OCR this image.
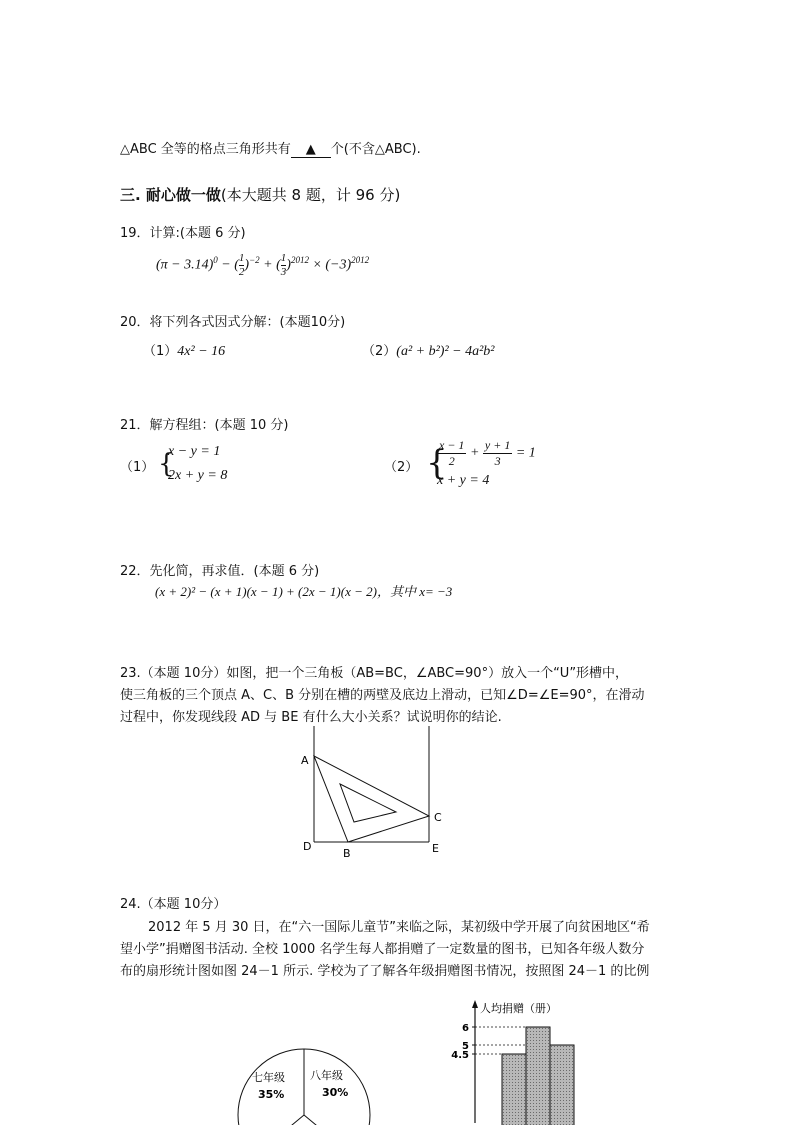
△ABC 全等的格点三角形共有 ▲ 个(不含△ABC).
三. 耐心做一做(本大题共 8 题，计 96 分)
19．计算:(本题 6 分)
$(\pi - 3.14)^0$ − ( $\frac{1}{2} )^{-2}$ + ( $\frac{1}{3} )^{2012} \times (-3)^{2012}$
20．将下列各式因式分解：(本题10分)
（1）4x² − 16	（2）(a² + b²)² − 4a²b²
21．解方程组：(本题 10 分)
（1） {
x − y = 1
2x + y = 8
（2） {
$\frac{x - 1}{2} + \frac{y + 1}{3} = 1$
x + y = 4
22．先化简，再求值．(本题 6 分)
(x + 2)² − (x + 1)(x − 1) + (2x − 1)(x − 2)，其中 x= −3
23.（本题 10分）如图，把一个三角板（AB=BC，∠ABC=90°）放入一个“U”形槽中，
使三角板的三个顶点 A、C、B 分别在槽的两壁及底边上滑动，已知∠D=∠E=90°，在滑动
过程中，你发现线段 AD 与 BE 有什么大小关系？试说明你的结论.
A
C
D
B	E
24.（本题 10分）
2012 年 5 月 30 日，在“六一国际儿童节”来临之际，某初级中学开展了向贫困地区“希
望小学”捐赠图书活动. 全校 1000 名学生每人都捐赠了一定数量的图书，已知各年级人数分
布的扇形统计图如图 24－1 所示. 学校为了了解各年级捐赠图书情况，按照图 24－1 的比例
七年级
35%
八年级
30%
人均捐赠（册）
4.5
5
6
